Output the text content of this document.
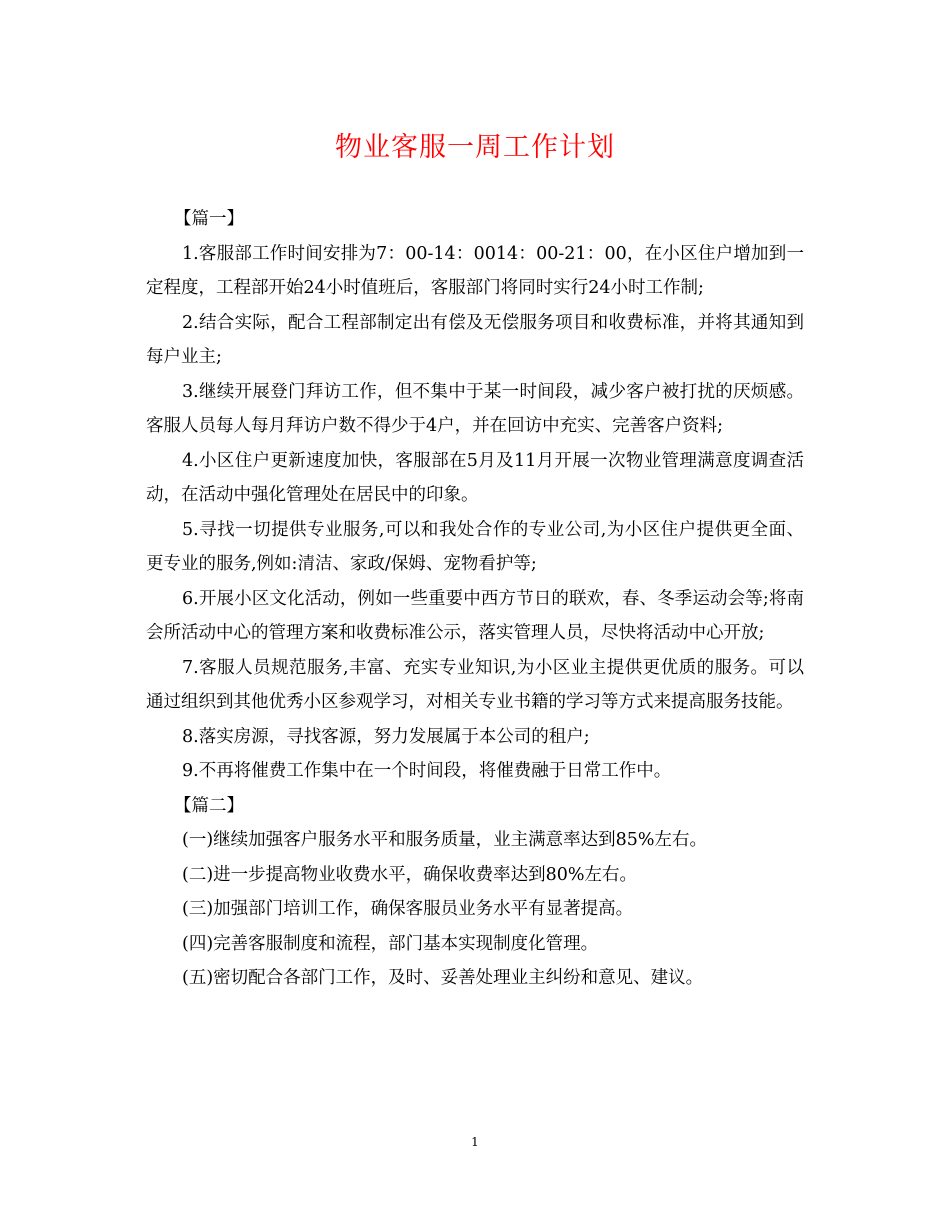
物业客服一周工作计划

【篇一】

1.客服部工作时间安排为7：00-14：0014：00-21：00，在小区住户增加到一定程度，工程部开始24小时值班后，客服部门将同时实行24小时工作制;

2.结合实际，配合工程部制定出有偿及无偿服务项目和收费标准，并将其通知到每户业主;

3.继续开展登门拜访工作，但不集中于某一时间段，减少客户被打扰的厌烦感。客服人员每人每月拜访户数不得少于4户，并在回访中充实、完善客户资料;

4.小区住户更新速度加快，客服部在5月及11月开展一次物业管理满意度调查活动，在活动中强化管理处在居民中的印象。

5.寻找一切提供专业服务,可以和我处合作的专业公司,为小区住户提供更全面、更专业的服务,例如:清洁、家政/保姆、宠物看护等;

6.开展小区文化活动，例如一些重要中西方节日的联欢，春、冬季运动会等;将南会所活动中心的管理方案和收费标准公示，落实管理人员，尽快将活动中心开放;

7.客服人员规范服务,丰富、充实专业知识,为小区业主提供更优质的服务。可以通过组织到其他优秀小区参观学习，对相关专业书籍的学习等方式来提高服务技能。

8.落实房源，寻找客源，努力发展属于本公司的租户;

9.不再将催费工作集中在一个时间段，将催费融于日常工作中。

【篇二】

(一)继续加强客户服务水平和服务质量，业主满意率达到85%左右。

(二)进一步提高物业收费水平，确保收费率达到80%左右。

(三)加强部门培训工作，确保客服员业务水平有显著提高。

(四)完善客服制度和流程，部门基本实现制度化管理。

(五)密切配合各部门工作，及时、妥善处理业主纠纷和意见、建议。

1
